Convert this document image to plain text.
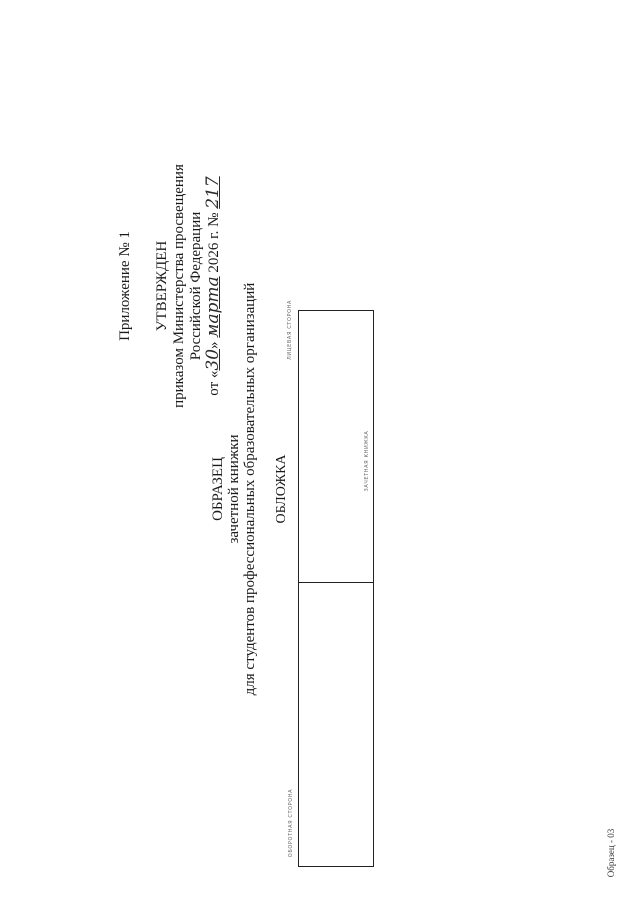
Приложение № 1 УТВЕРЖДЕН приказом Министерства просвещения Российской Федерации
от «30» марта 2026 г. № 217
ОБРАЗЕЦ зачетной книжки для студентов профессиональных образовательных организаций ОБЛОЖКА
ЛИЦЕВАЯ СТОРОНА
ЗАЧЕТНАЯ КНИЖКА
ОБОРОТНАЯ СТОРОНА	Образец - 03
